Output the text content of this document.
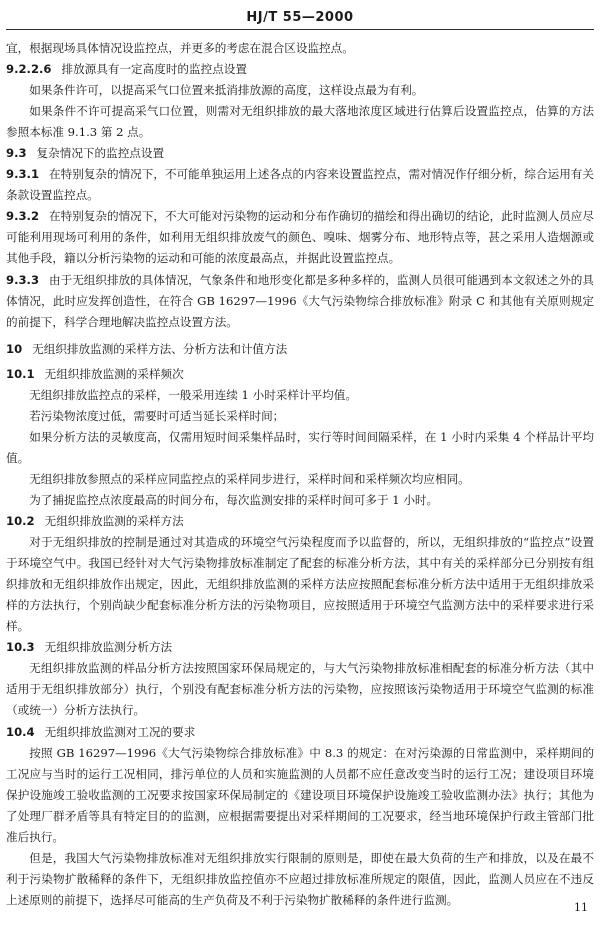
HJ/T 55—2000

宜，根据现场具体情况设监控点，并更多的考虑在混合区设监控点。

9.2.2.6 排放源具有一定高度时的监控点设置

如果条件许可，以提高采气口位置来抵消排放源的高度，这样设点最为有利。

如果条件不许可提高采气口位置，则需对无组织排放的最大落地浓度区域进行估算后设置监控点，估算的方法参照本标准 9.1.3 第 2 点。

9.3 复杂情况下的监控点设置

9.3.1 在特别复杂的情况下，不可能单独运用上述各点的内容来设置监控点，需对情况作仔细分析，综合运用有关条款设置监控点。

9.3.2 在特别复杂的情况下，不大可能对污染物的运动和分布作确切的描绘和得出确切的结论，此时监测人员应尽可能利用现场可利用的条件，如利用无组织排放废气的颜色、嗅味、烟雾分布、地形特点等，甚之采用人造烟源或其他手段，籍以分析污染物的运动和可能的浓度最高点，并据此设置监控点。

9.3.3 由于无组织排放的具体情况，气象条件和地形变化都是多种多样的，监测人员很可能遇到本文叙述之外的具体情况，此时应发挥创造性，在符合 GB 16297—1996《大气污染物综合排放标准》附录 C 和其他有关原则规定的前提下，科学合理地解决监控点设置方法。

10 无组织排放监测的采样方法、分析方法和计值方法

10.1 无组织排放监测的采样频次

无组织排放监控点的采样，一般采用连续 1 小时采样计平均值。

若污染物浓度过低，需要时可适当延长采样时间；

如果分析方法的灵敏度高，仅需用短时间采集样品时，实行等时间间隔采样，在 1 小时内采集 4 个样品计平均值。

无组织排放参照点的采样应同监控点的采样同步进行，采样时间和采样频次均应相同。

为了捕捉监控点浓度最高的时间分布，每次监测安排的采样时间可多于 1 小时。

10.2 无组织排放监测的采样方法

对于无组织排放的控制是通过对其造成的环境空气污染程度而予以监督的，所以，无组织排放的“监控点”设置于环境空气中。我国已经针对大气污染物排放标准制定了配套的标准分析方法，其中有关的采样部分已分别按有组织排放和无组织排放作出规定，因此，无组织排放监测的采样方法应按照配套标准分析方法中适用于无组织排放采样的方法执行，个别尚缺少配套标准分析方法的污染物项目，应按照适用于环境空气监测方法中的采样要求进行采样。

10.3 无组织排放监测分析方法

无组织排放监测的样品分析方法按照国家环保局规定的，与大气污染物排放标准相配套的标准分析方法（其中适用于无组织排放部分）执行，个别没有配套标准分析方法的污染物，应按照该污染物适用于环境空气监测的标准（或统一）分析方法执行。

10.4 无组织排放监测对工况的要求

按照 GB 16297—1996《大气污染物综合排放标准》中 8.3 的规定：在对污染源的日常监测中，采样期间的工况应与当时的运行工况相同，排污单位的人员和实施监测的人员都不应任意改变当时的运行工况；建设项目环境保护设施竣工验收监测的工况要求按国家环保局制定的《建设项目环境保护设施竣工验收监测办法》执行；其他为了处理厂群矛盾等具有特定目的的监测，应根据需要提出对采样期间的工况要求，经当地环境保护行政主管部门批准后执行。

但是，我国大气污染物排放标准对无组织排放实行限制的原则是，即使在最大负荷的生产和排放，以及在最不利于污染物扩散稀释的条件下，无组织排放监控值亦不应超过排放标准所规定的限值，因此，监测人员应在不违反上述原则的前提下，选择尽可能高的生产负荷及不利于污染物扩散稀释的条件进行监测。

11
